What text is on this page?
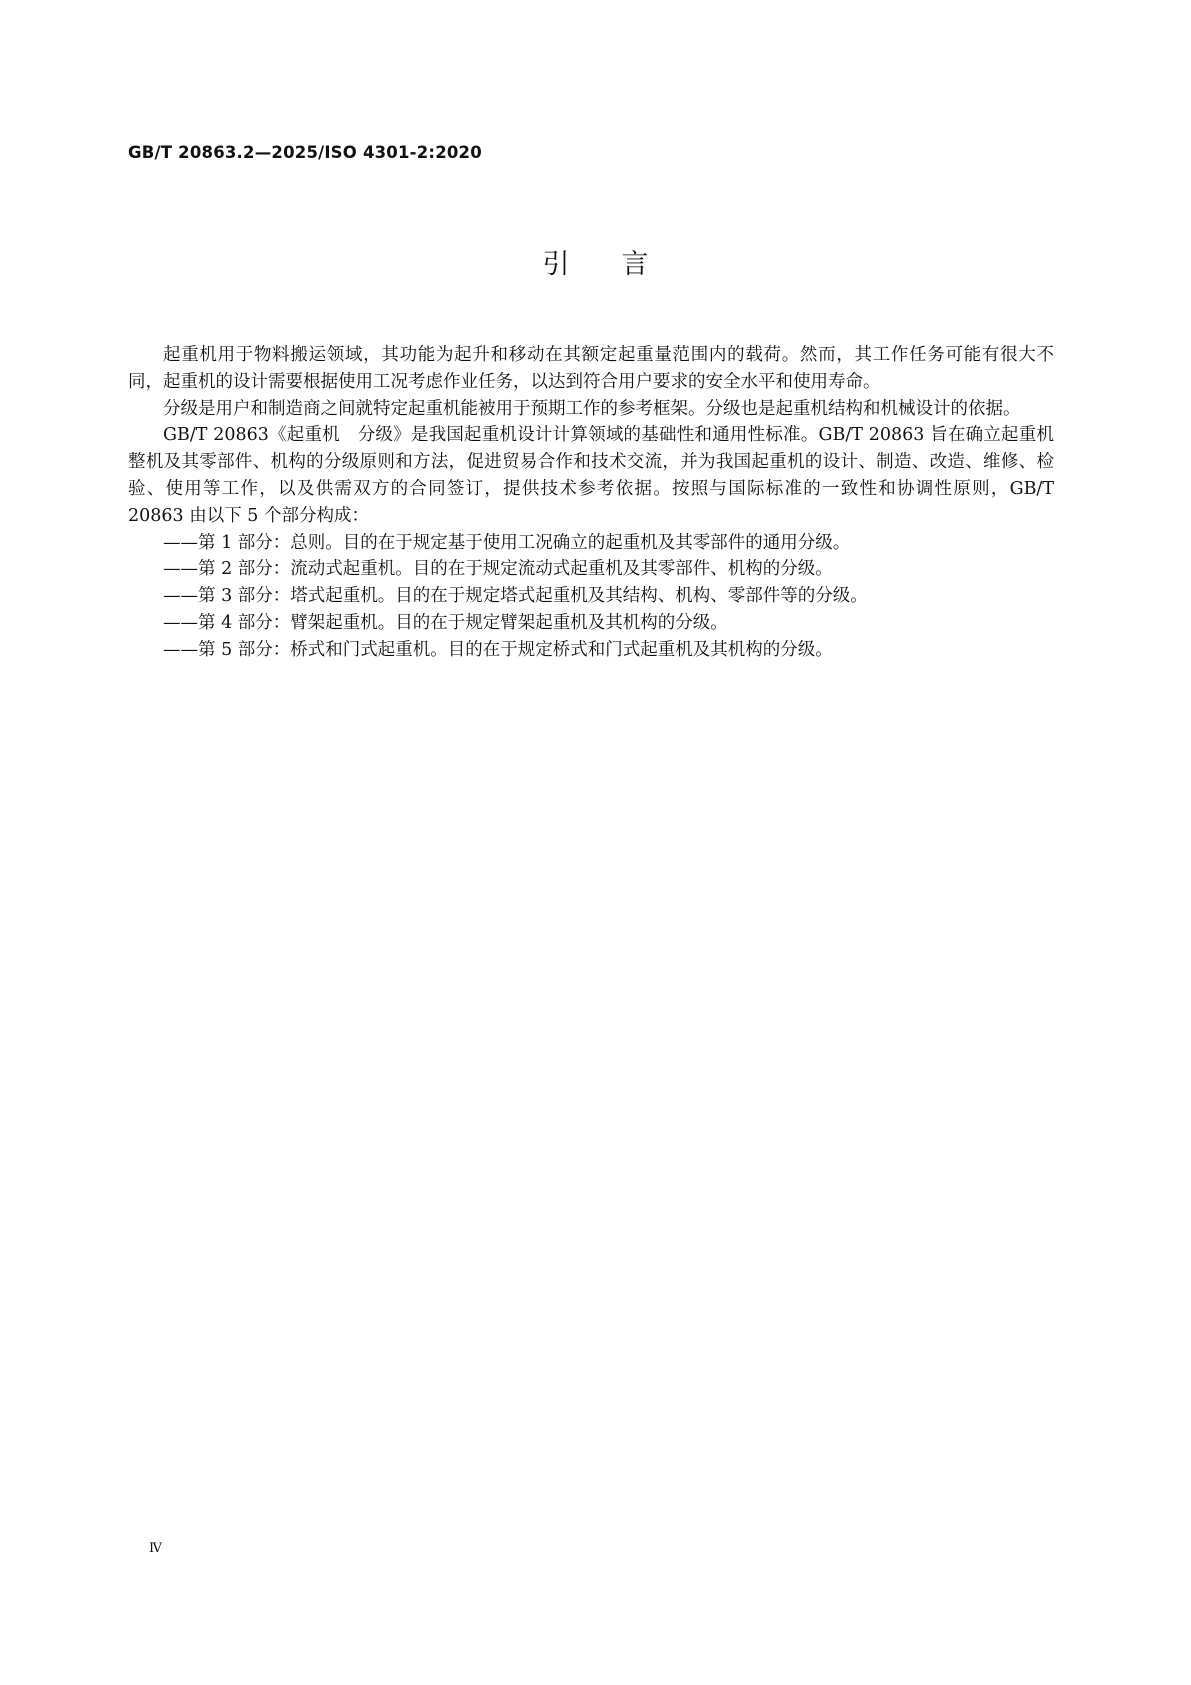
GB/T 20863.2—2025/ISO 4301-2:2020
引言

起重机用于物料搬运领域，其功能为起升和移动在其额定起重量范围内的载荷。然而，其工作任务可能有很大不同，起重机的设计需要根据使用工况考虑作业任务，以达到符合用户要求的安全水平和使用寿命。

分级是用户和制造商之间就特定起重机能被用于预期工作的参考框架。分级也是起重机结构和机械设计的依据。

GB/T 20863《起重机　分级》是我国起重机设计计算领域的基础性和通用性标准。GB/T 20863 旨在确立起重机整机及其零部件、机构的分级原则和方法，促进贸易合作和技术交流，并为我国起重机的设计、制造、改造、维修、检验、使用等工作，以及供需双方的合同签订，提供技术参考依据。按照与国际标准的一致性和协调性原则，GB/T 20863 由以下 5 个部分构成：

——第 1 部分：总则。目的在于规定基于使用工况确立的起重机及其零部件的通用分级。

——第 2 部分：流动式起重机。目的在于规定流动式起重机及其零部件、机构的分级。

——第 3 部分：塔式起重机。目的在于规定塔式起重机及其结构、机构、零部件等的分级。

——第 4 部分：臂架起重机。目的在于规定臂架起重机及其机构的分级。

——第 5 部分：桥式和门式起重机。目的在于规定桥式和门式起重机及其机构的分级。

Ⅳ
